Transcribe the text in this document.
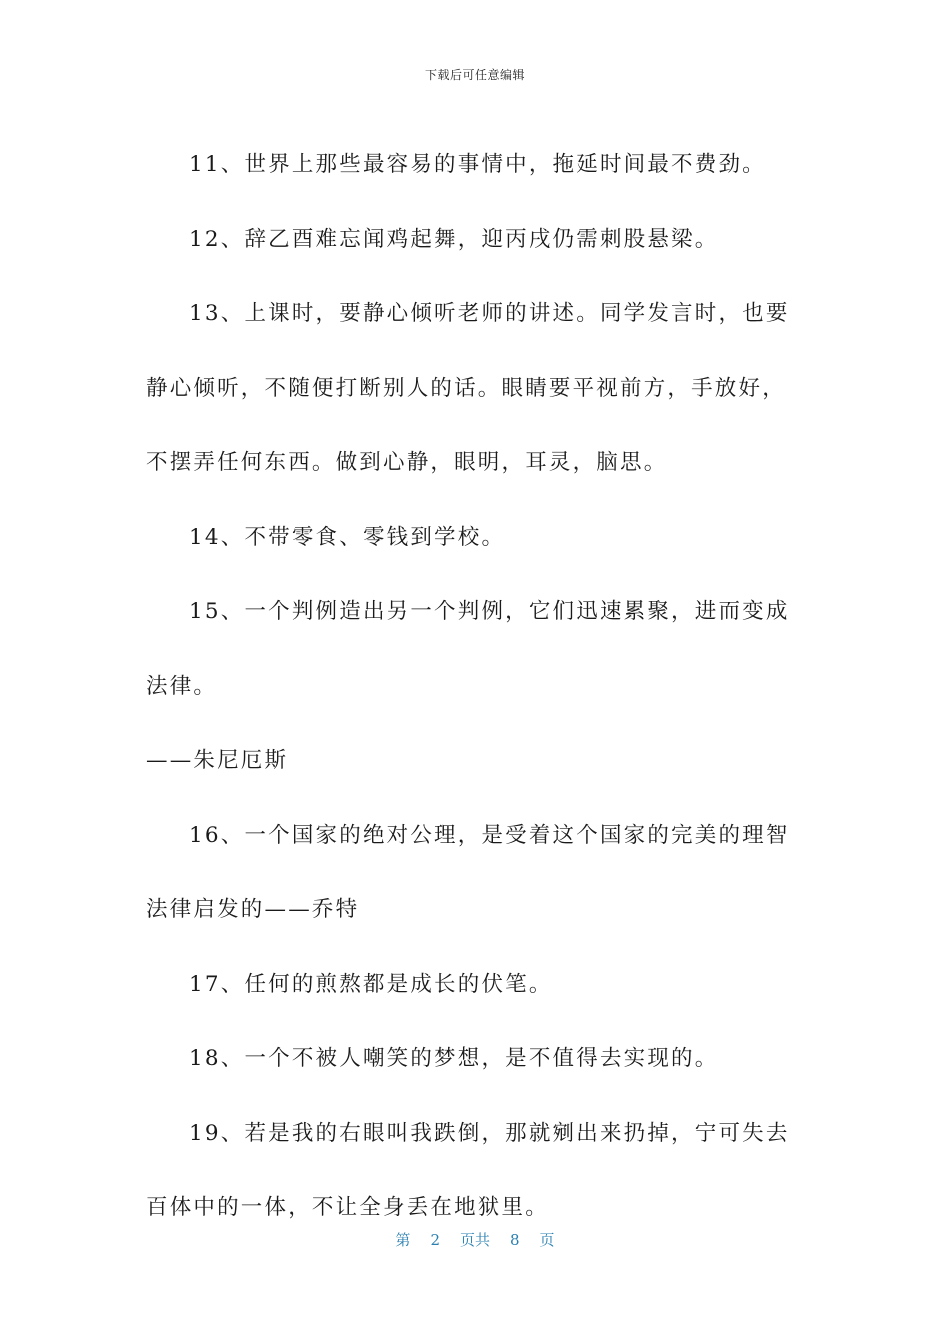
下载后可任意编辑

11、世界上那些最容易的事情中，拖延时间最不费劲。

12、辞乙酉难忘闻鸡起舞，迎丙戌仍需刺股悬梁。

13、上课时，要静心倾听老师的讲述。同学发言时，也要静心倾听，不随便打断别人的话。眼睛要平视前方，手放好，不摆弄任何东西。做到心静，眼明，耳灵，脑思。

14、不带零食、零钱到学校。

15、一个判例造出另一个判例，它们迅速累聚，进而变成法律。

——朱尼厄斯

16、一个国家的绝对公理，是受着这个国家的完美的理智法律启发的——乔特

17、任何的煎熬都是成长的伏笔。

18、一个不被人嘲笑的梦想，是不值得去实现的。

19、若是我的右眼叫我跌倒，那就剜出来扔掉，宁可失去百体中的一体，不让全身丢在地狱里。

第 2 页共 8 页
